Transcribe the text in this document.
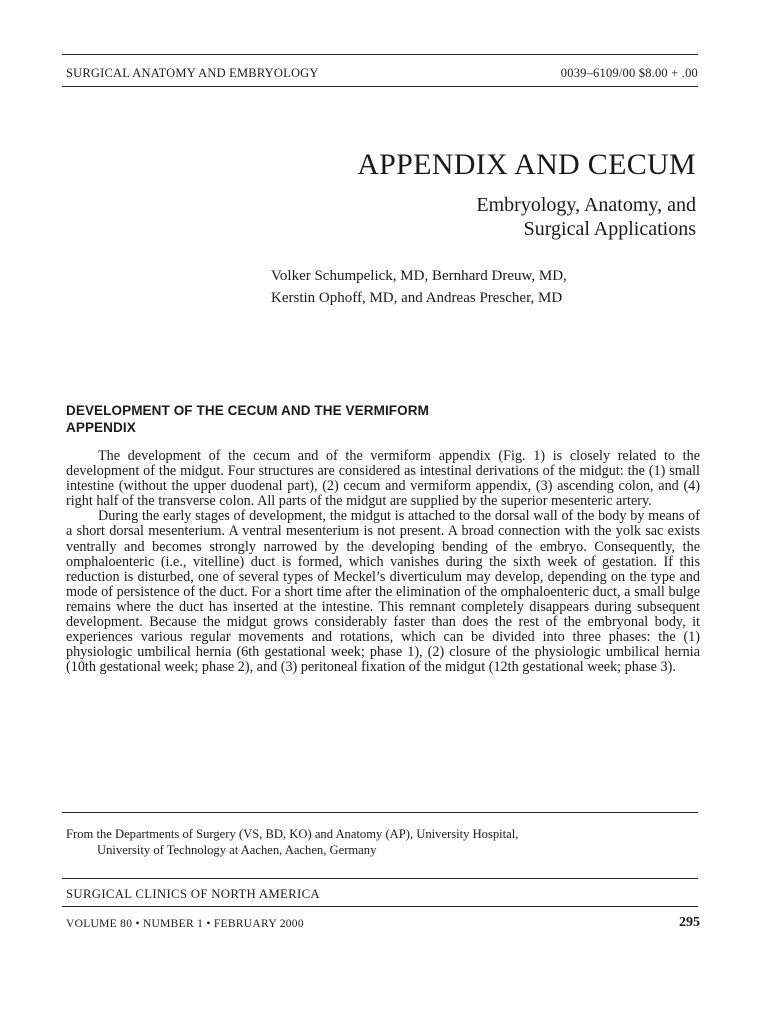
SURGICAL ANATOMY AND EMBRYOLOGY	0039–6109/00 $8.00 + .00
APPENDIX AND CECUM
Embryology, Anatomy, and
Surgical Applications
Volker Schumpelick, MD, Bernhard Dreuw, MD,
Kerstin Ophoff, MD, and Andreas Prescher, MD
DEVELOPMENT OF THE CECUM AND THE VERMIFORM
APPENDIX

The development of the cecum and of the vermiform appendix (Fig. 1) is closely related to the development of the midgut. Four structures are considered as intestinal derivations of the midgut: the (1) small intestine (without the upper duodenal part), (2) cecum and vermiform appendix, (3) ascending colon, and (4) right half of the transverse colon. All parts of the midgut are supplied by the superior mesenteric artery.

During the early stages of development, the midgut is attached to the dorsal wall of the body by means of a short dorsal mesenterium. A ventral mesenterium is not present. A broad connection with the yolk sac exists ventrally and becomes strongly narrowed by the developing bending of the embryo. Consequently, the omphaloenteric (i.e., vitelline) duct is formed, which vanishes during the sixth week of gestation. If this reduction is disturbed, one of several types of Meckel’s diverticulum may develop, depending on the type and mode of persistence of the duct. For a short time after the elimination of the omphaloenteric duct, a small bulge remains where the duct has inserted at the intestine. This remnant completely disappears during subsequent development. Because the midgut grows considerably faster than does the rest of the embryonal body, it experiences various regular movements and rotations, which can be divided into three phases: the (1) physiologic umbilical hernia (6th gestational week; phase 1), (2) closure of the physiologic umbilical hernia (10th gestational week; phase 2), and (3) peritoneal fixation of the midgut (12th gestational week; phase 3).

From the Departments of Surgery (VS, BD, KO) and Anatomy (AP), University Hospital,
University of Technology at Aachen, Aachen, Germany
SURGICAL CLINICS OF NORTH AMERICA
VOLUME 80 • NUMBER 1 • FEBRUARY 2000	295
